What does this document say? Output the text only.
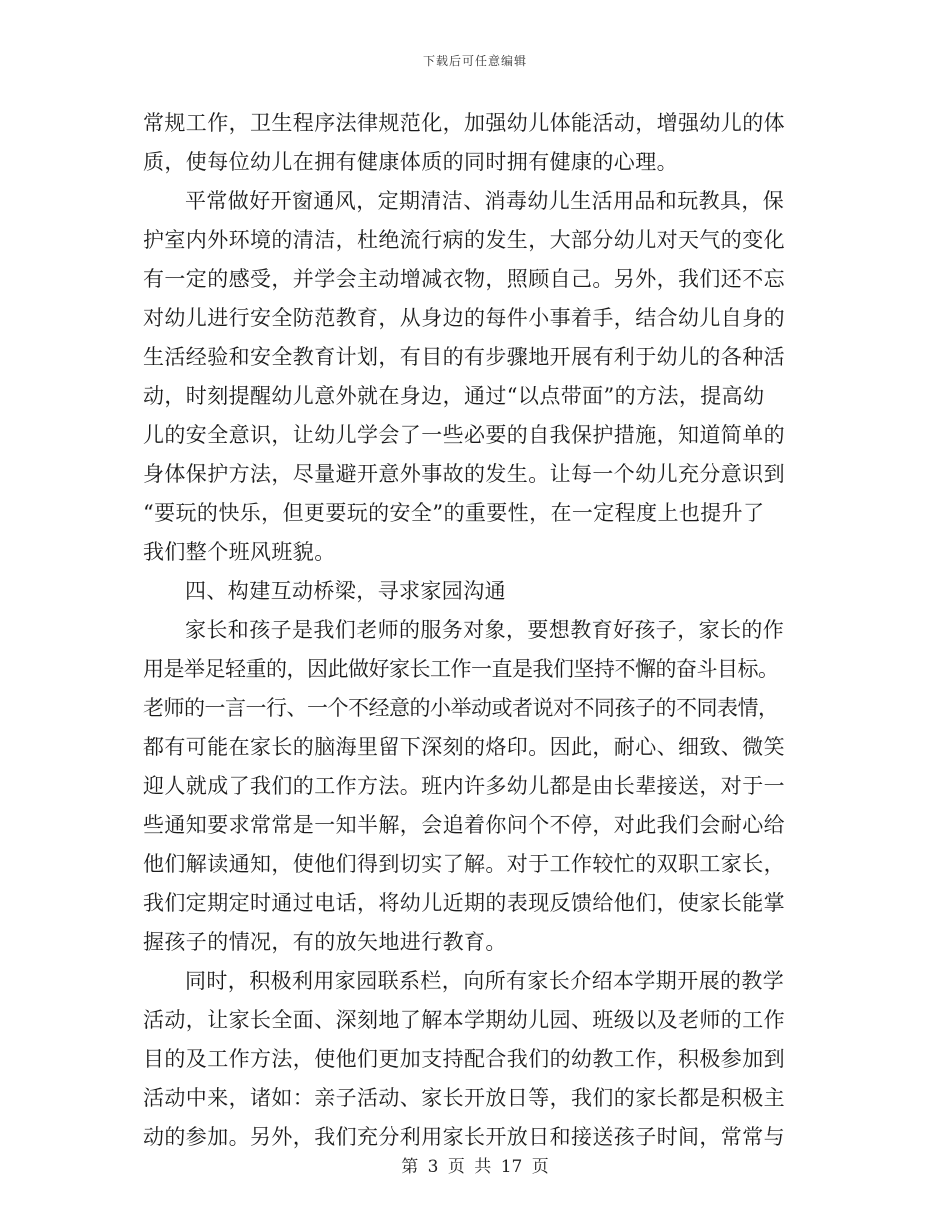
下载后可任意编辑
常规工作，卫生程序法律规范化，加强幼儿体能活动，增强幼儿的体
质，使每位幼儿在拥有健康体质的同时拥有健康的心理。
平常做好开窗通风，定期清洁、消毒幼儿生活用品和玩教具，保
护室内外环境的清洁，杜绝流行病的发生，大部分幼儿对天气的变化
有一定的感受，并学会主动增减衣物，照顾自己。另外，我们还不忘
对幼儿进行安全防范教育，从身边的每件小事着手，结合幼儿自身的
生活经验和安全教育计划，有目的有步骤地开展有利于幼儿的各种活
动，时刻提醒幼儿意外就在身边，通过“以点带面”的方法，提高幼
儿的安全意识，让幼儿学会了一些必要的自我保护措施，知道简单的
身体保护方法，尽量避开意外事故的发生。让每一个幼儿充分意识到
“要玩的快乐，但更要玩的安全”的重要性，在一定程度上也提升了
我们整个班风班貌。
四、构建互动桥梁，寻求家园沟通
家长和孩子是我们老师的服务对象，要想教育好孩子，家长的作
用是举足轻重的，因此做好家长工作一直是我们坚持不懈的奋斗目标。
老师的一言一行、一个不经意的小举动或者说对不同孩子的不同表情，
都有可能在家长的脑海里留下深刻的烙印。因此，耐心、细致、微笑
迎人就成了我们的工作方法。班内许多幼儿都是由长辈接送，对于一
些通知要求常常是一知半解，会追着你问个不停，对此我们会耐心给
他们解读通知，使他们得到切实了解。对于工作较忙的双职工家长，
我们定期定时通过电话，将幼儿近期的表现反馈给他们，使家长能掌
握孩子的情况，有的放矢地进行教育。
同时，积极利用家园联系栏，向所有家长介绍本学期开展的教学
活动，让家长全面、深刻地了解本学期幼儿园、班级以及老师的工作
目的及工作方法，使他们更加支持配合我们的幼教工作，积极参加到
活动中来，诸如：亲子活动、家长开放日等，我们的家长都是积极主
动的参加。另外，我们充分利用家长开放日和接送孩子时间，常常与
第 3 页 共 17 页
